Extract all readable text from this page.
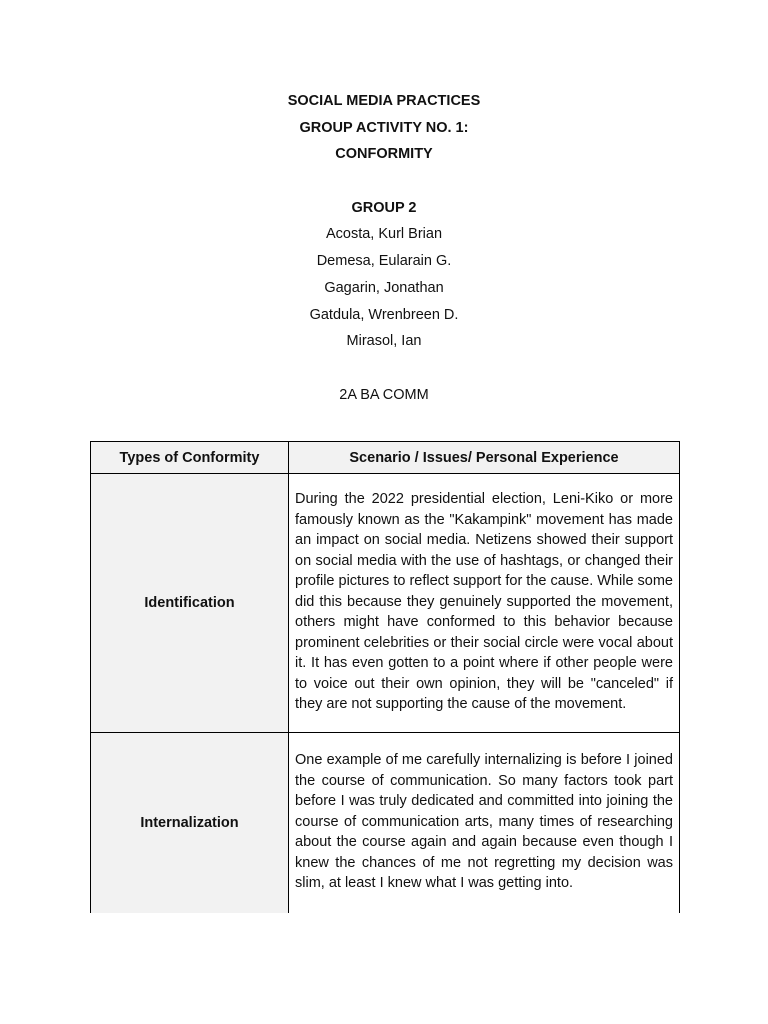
SOCIAL MEDIA PRACTICES
GROUP ACTIVITY NO. 1:
CONFORMITY
GROUP 2
Acosta, Kurl Brian
Demesa, Eularain G.
Gagarin, Jonathan
Gatdula, Wrenbreen D.
Mirasol, Ian
2A BA COMM
Types of Conformity	Scenario / Issues/ Personal Experience
Identification	During the 2022 presidential election, Leni-Kiko or more famously known as the "Kakampink" movement has made an impact on social media. Netizens showed their support on social media with the use of hashtags, or changed their profile pictures to reflect support for the cause. While some did this because they genuinely supported the movement, others might have conformed to this behavior because prominent celebrities or their social circle were vocal about it. It has even gotten to a point where if other people were to voice out their own opinion, they will be "canceled" if they are not supporting the cause of the movement.
Internalization	One example of me carefully internalizing is before I joined the course of communication. So many factors took part before I was truly dedicated and committed into joining the course of communication arts, many times of researching about the course again and again because even though I knew the chances of me not regretting my decision was slim, at least I knew what I was getting into.
